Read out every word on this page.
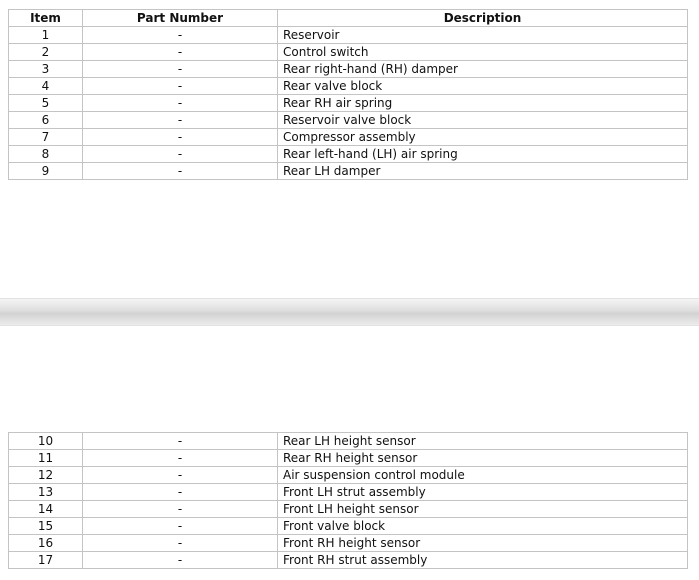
Item	Part Number	Description
1	-	Reservoir
2	-	Control switch
3	-	Rear right-hand (RH) damper
4	-	Rear valve block
5	-	Rear RH air spring
6	-	Reservoir valve block
7	-	Compressor assembly
8	-	Rear left-hand (LH) air spring
9	-	Rear LH damper
10	-	Rear LH height sensor
11	-	Rear RH height sensor
12	-	Air suspension control module
13	-	Front LH strut assembly
14	-	Front LH height sensor
15	-	Front valve block
16	-	Front RH height sensor
17	-	Front RH strut assembly
